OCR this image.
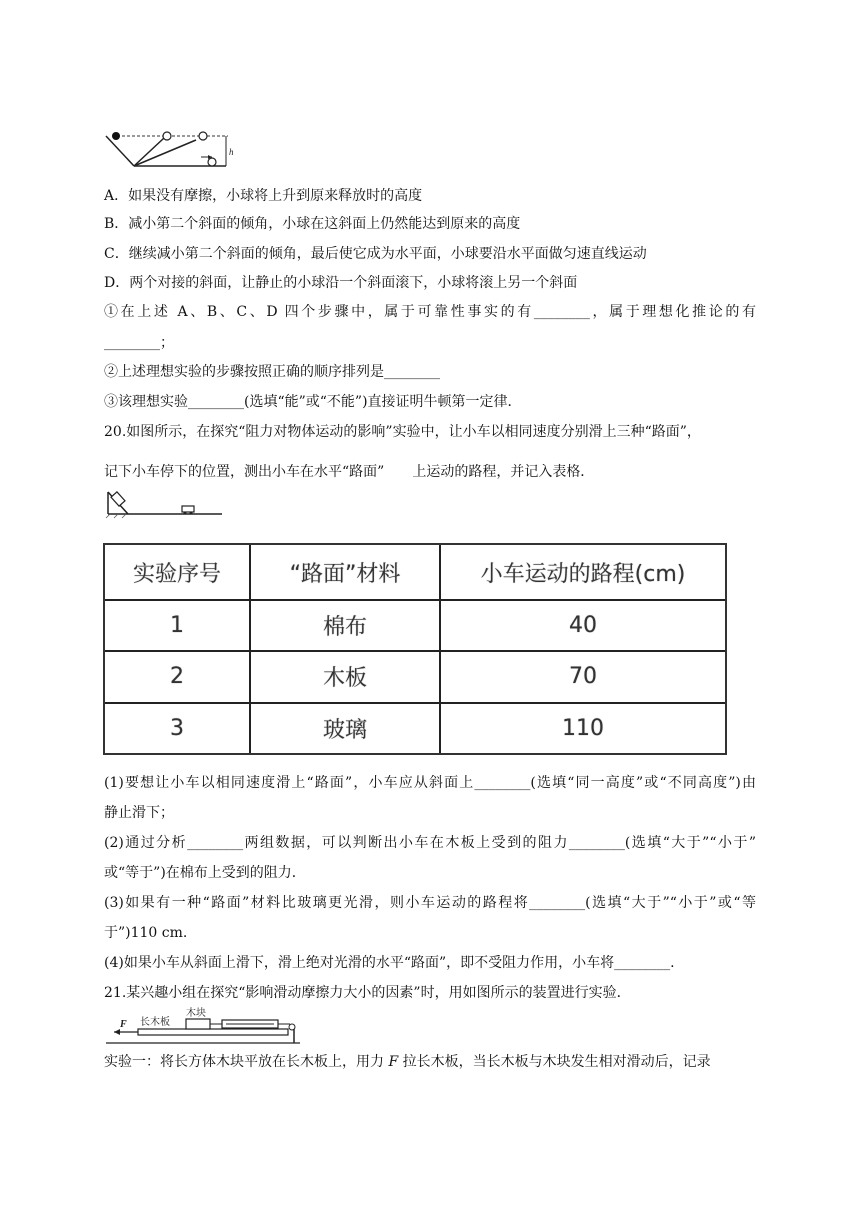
h
A．如果没有摩擦，小球将上升到原来释放时的高度
B．减小第二个斜面的倾角，小球在这斜面上仍然能达到原来的高度
C．继续减小第二个斜面的倾角，最后使它成为水平面，小球要沿水平面做匀速直线运动
D．两个对接的斜面，让静止的小球沿一个斜面滚下，小球将滚上另一个斜面
①在上述 A、B、C、D 四个步骤中，属于可靠性事实的有________，属于理想化推论的有
________；
②上述理想实验的步骤按照正确的顺序排列是________
③该理想实验________(选填“能”或“不能”)直接证明牛顿第一定律．
20.如图所示，在探究“阻力对物体运动的影响”实验中，让小车以相同速度分别滑上三种“路面”，
记下小车停下的位置，测出小车在水平“路面”　　上运动的路程，并记入表格．
实验序号	“路面”材料	小车运动的路程(cm)
1	棉布	40
2	木板	70
3	玻璃	110
(1)要想让小车以相同速度滑上“路面”，小车应从斜面上________(选填“同一高度”或“不同高度”)由
静止滑下；
(2)通过分析________两组数据，可以判断出小车在木板上受到的阻力________(选填“大于”“小于”
或“等于”)在棉布上受到的阻力．
(3)如果有一种“路面”材料比玻璃更光滑，则小车运动的路程将________(选填“大于”“小于”或“等
于”)110 cm.
(4)如果小车从斜面上滑下，滑上绝对光滑的水平“路面”，即不受阻力作用，小车将________.
21.某兴趣小组在探究“影响滑动摩擦力大小的因素”时，用如图所示的装置进行实验．
F 长木板
木块
实验一：将长方体木块平放在长木板上，用力 F 拉长木板，当长木板与木块发生相对滑动后，记录
